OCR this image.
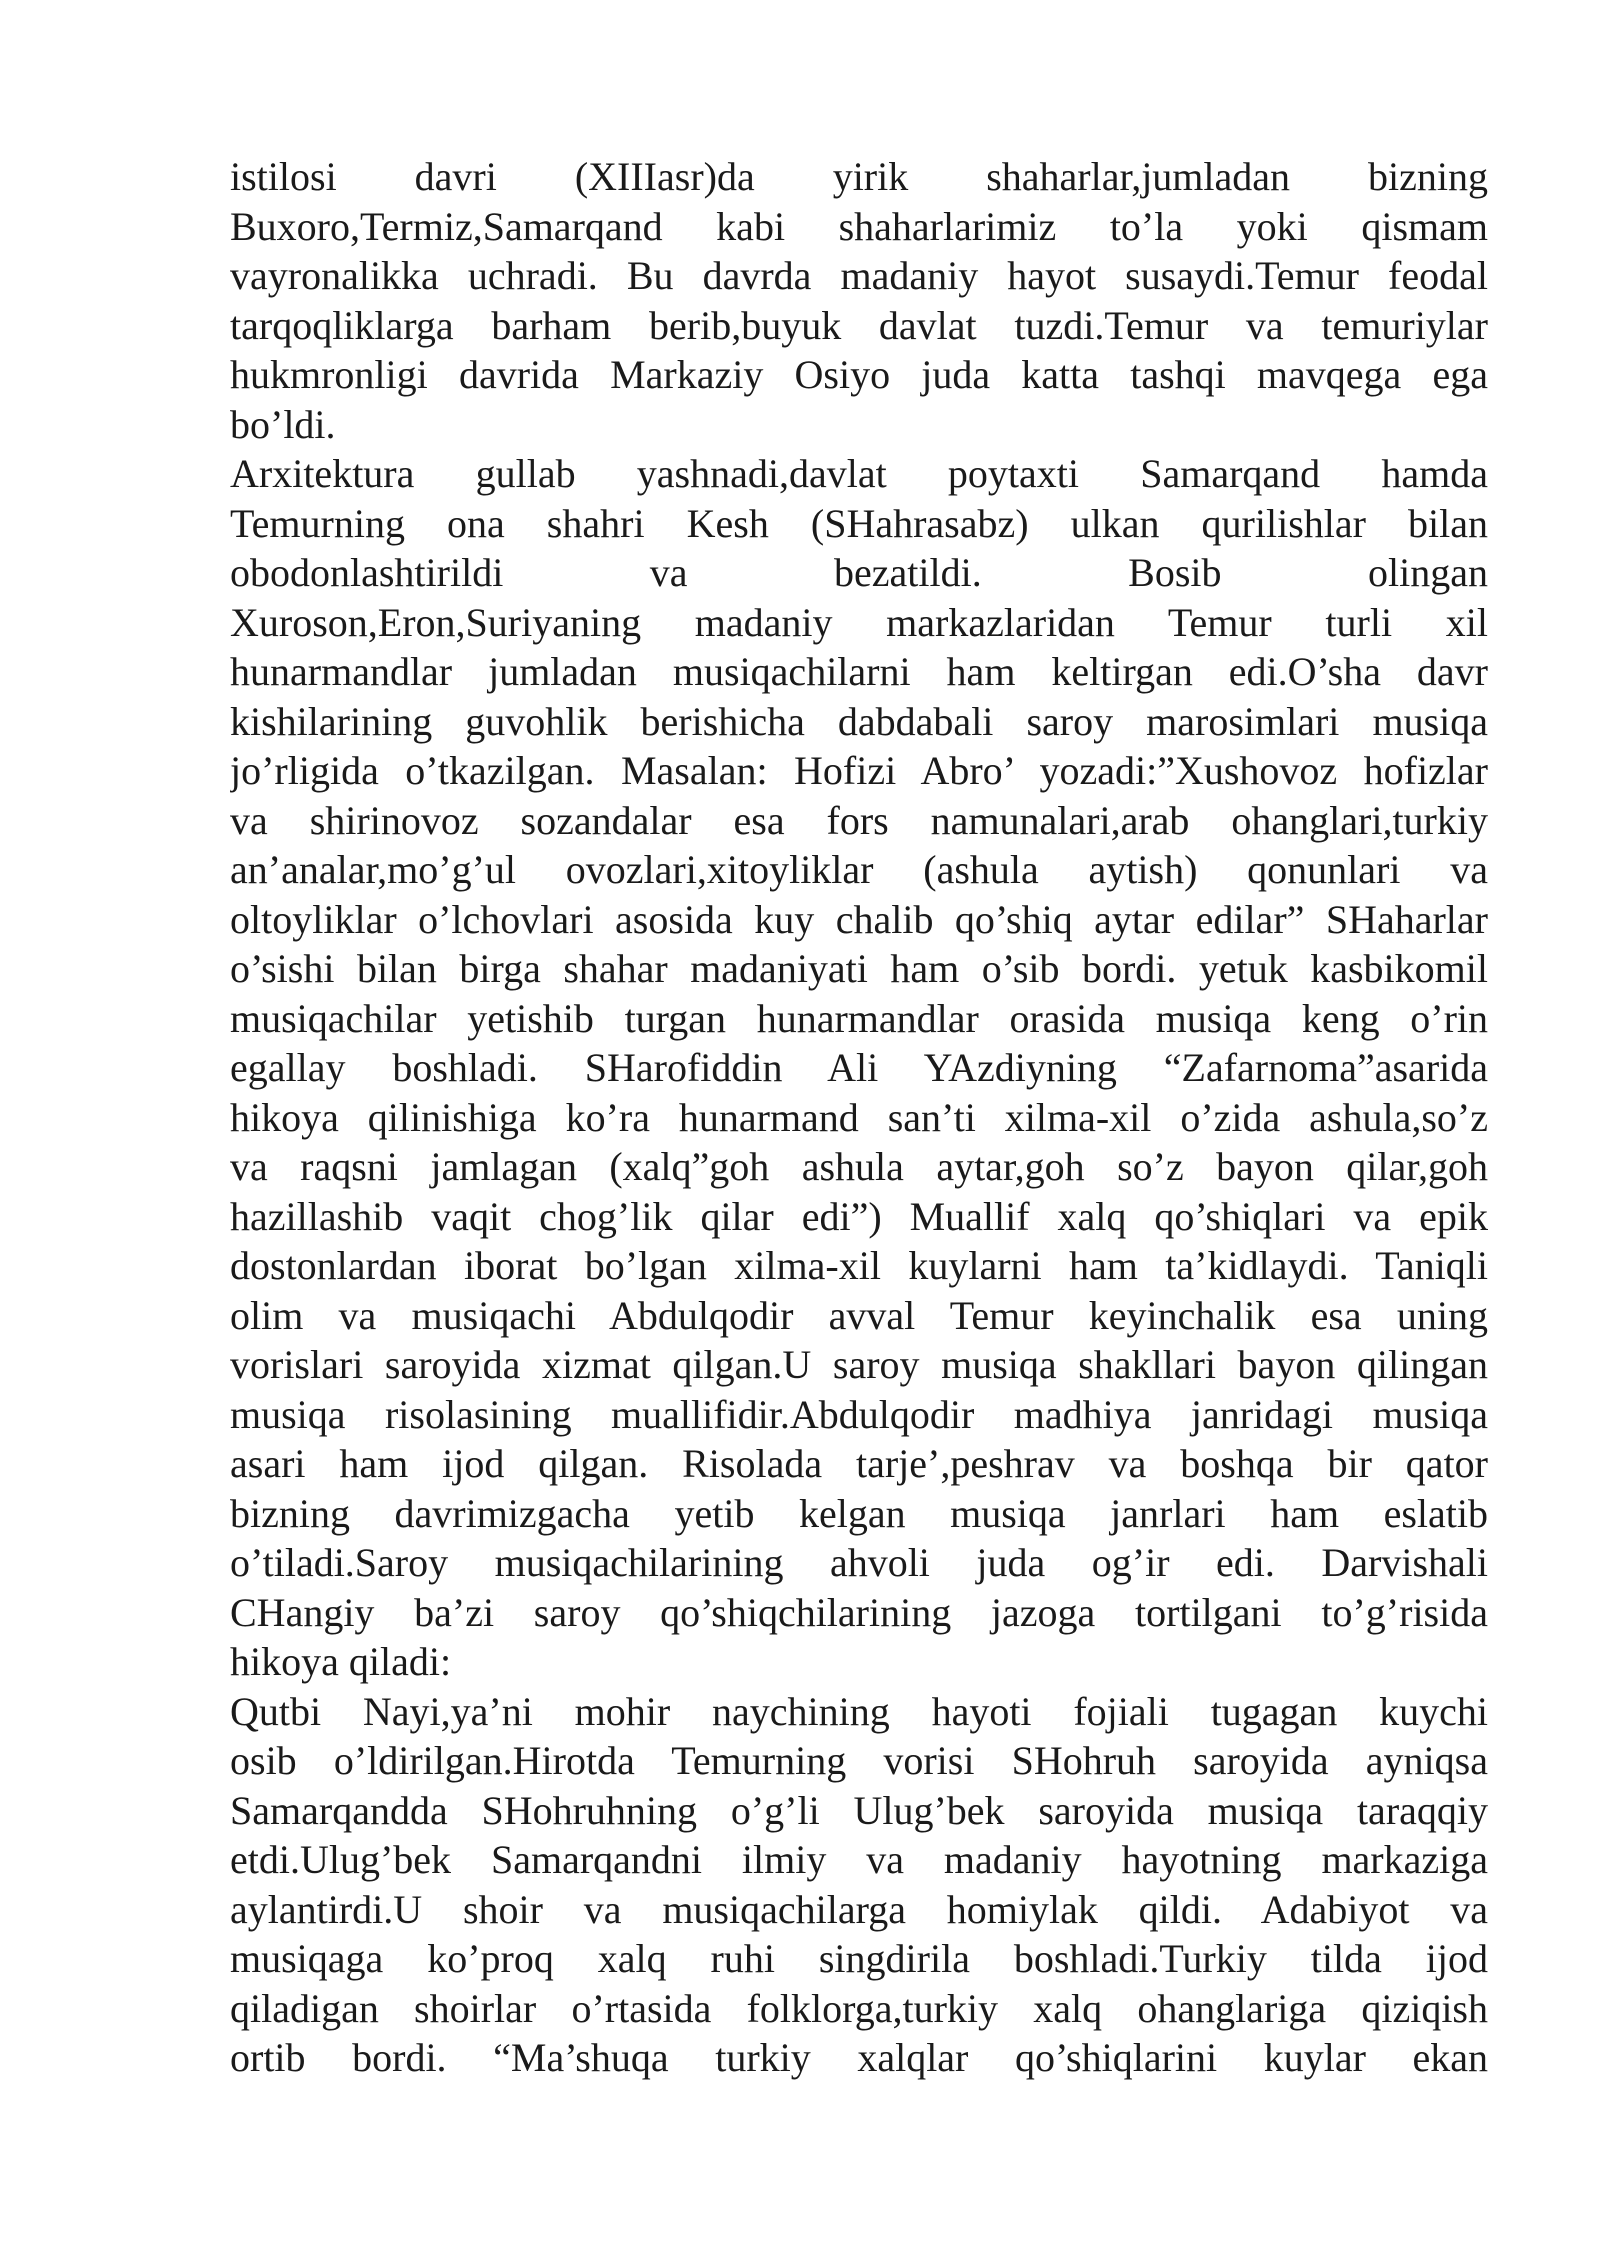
istilosi davri (XIIIasr)da yirik shaharlar,jumladan bizning
Buxoro,Termiz,Samarqand kabi shaharlarimiz to’la yoki qismam
vayronalikka uchradi. Bu davrda madaniy hayot susaydi.Temur feodal
tarqoqliklarga barham berib,buyuk davlat tuzdi.Temur va temuriylar
hukmronligi davrida Markaziy Osiyo juda katta tashqi mavqega ega
bo’ldi.
Arxitektura gullab yashnadi,davlat poytaxti Samarqand hamda
Temurning ona shahri Kesh (SHahrasabz) ulkan qurilishlar bilan
obodonlashtirildi va bezatildi. Bosib olingan
Xuroson,Eron,Suriyaning madaniy markazlaridan Temur turli xil
hunarmandlar jumladan musiqachilarni ham keltirgan edi.O’sha davr
kishilarining guvohlik berishicha dabdabali saroy marosimlari musiqa
jo’rligida o’tkazilgan. Masalan: Hofizi Abro’ yozadi:”Xushovoz hofizlar
va shirinovoz sozandalar esa fors namunalari,arab ohanglari,turkiy
an’analar,mo’g’ul ovozlari,xitoyliklar (ashula aytish) qonunlari va
oltoyliklar o’lchovlari asosida kuy chalib qo’shiq aytar edilar” SHaharlar
o’sishi bilan birga shahar madaniyati ham o’sib bordi. yetuk kasbikomil
musiqachilar yetishib turgan hunarmandlar orasida musiqa keng o’rin
egallay boshladi. SHarofiddin Ali YAzdiyning “Zafarnoma”asarida
hikoya qilinishiga ko’ra hunarmand san’ti xilma-xil o’zida ashula,so’z
va raqsni jamlagan (xalq”goh ashula aytar,goh so’z bayon qilar,goh
hazillashib vaqit chog’lik qilar edi”) Muallif xalq qo’shiqlari va epik
dostonlardan iborat bo’lgan xilma-xil kuylarni ham ta’kidlaydi. Taniqli
olim va musiqachi Abdulqodir avval Temur keyinchalik esa uning
vorislari saroyida xizmat qilgan.U saroy musiqa shakllari bayon qilingan
musiqa risolasining muallifidir.Abdulqodir madhiya janridagi musiqa
asari ham ijod qilgan. Risolada tarje’,peshrav va boshqa bir qator
bizning davrimizgacha yetib kelgan musiqa janrlari ham eslatib
o’tiladi.Saroy musiqachilarining ahvoli juda og’ir edi. Darvishali
CHangiy ba’zi saroy qo’shiqchilarining jazoga tortilgani to’g’risida
hikoya qiladi:
Qutbi Nayi,ya’ni mohir naychining hayoti fojiali tugagan kuychi
osib o’ldirilgan.Hirotda Temurning vorisi SHohruh saroyida ayniqsa
Samarqandda SHohruhning o’g’li Ulug’bek saroyida musiqa taraqqiy
etdi.Ulug’bek Samarqandni ilmiy va madaniy hayotning markaziga
aylantirdi.U shoir va musiqachilarga homiylak qildi. Adabiyot va
musiqaga ko’proq xalq ruhi singdirila boshladi.Turkiy tilda ijod
qiladigan shoirlar o’rtasida folklorga,turkiy xalq ohanglariga qiziqish
ortib bordi. “Ma’shuqa turkiy xalqlar qo’shiqlarini kuylar ekan
